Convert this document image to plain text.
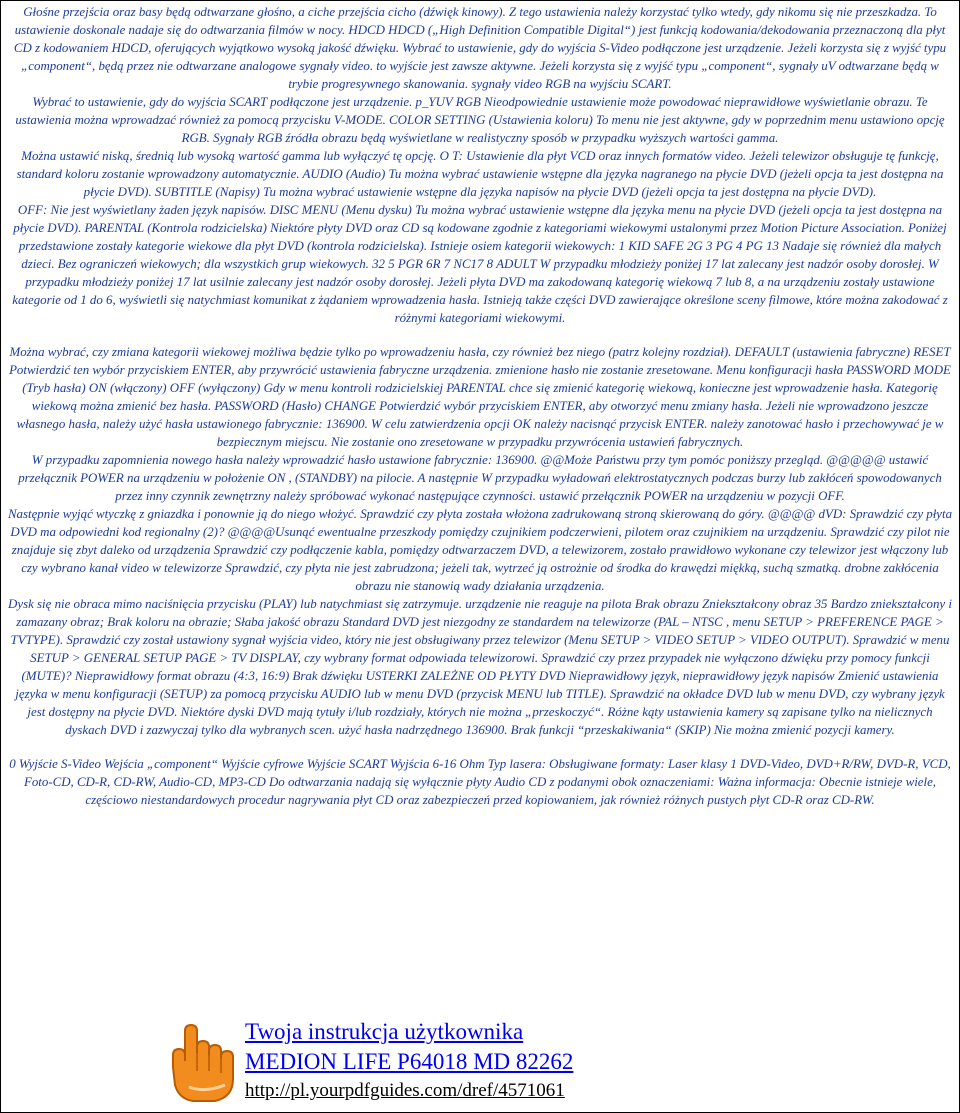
Głośne przejścia oraz basy będą odtwarzane głośno, a ciche przejścia cicho (dźwięk kinowy). Z tego ustawienia należy korzystać tylko wtedy, gdy nikomu się nie przeszkadza. To ustawienie doskonale nadaje się do odtwarzania filmów w nocy. HDCD HDCD („High Definition Compatible Digital“) jest funkcją kodowania/dekodowania przeznaczoną dla płyt CD z kodowaniem HDCD, oferujących wyjątkowo wysoką jakość dźwięku. Wybrać to ustawienie, gdy do wyjścia S-Video podłączone jest urządzenie. Jeżeli korzysta się z wyjść typu „component“, będą przez nie odtwarzane analogowe sygnały video. to wyjście jest zawsze aktywne. Jeżeli korzysta się z wyjść typu „component“, sygnały uV odtwarzane będą w trybie progresywnego skanowania. sygnały video RGB na wyjściu SCART.

Wybrać to ustawienie, gdy do wyjścia SCART podłączone jest urządzenie. p_YUV RGB Nieodpowiednie ustawienie może powodować nieprawidłowe wyświetlanie obrazu. Te ustawienia można wprowadzać również za pomocą przycisku V-MODE. COLOR SETTING (Ustawienia koloru) To menu nie jest aktywne, gdy w poprzednim menu ustawiono opcję RGB. Sygnały RGB źródła obrazu będą wyświetlane w realistyczny sposób w przypadku wyższych wartości gamma.

Można ustawić niską, średnią lub wysoką wartość gamma lub wyłączyć tę opcję. O T: Ustawienie dla płyt VCD oraz innych formatów video. Jeżeli telewizor obsługuje tę funkcję, standard koloru zostanie wprowadzony automatycznie. AUDIO (Audio) Tu można wybrać ustawienie wstępne dla języka nagranego na płycie DVD (jeżeli opcja ta jest dostępna na płycie DVD). SUBTITLE (Napisy) Tu można wybrać ustawienie wstępne dla języka napisów na płycie DVD (jeżeli opcja ta jest dostępna na płycie DVD).

OFF: Nie jest wyświetlany żaden język napisów. DISC MENU (Menu dysku) Tu można wybrać ustawienie wstępne dla języka menu na płycie DVD (jeżeli opcja ta jest dostępna na płycie DVD). PARENTAL (Kontrola rodzicielska) Niektóre płyty DVD oraz CD są kodowane zgodnie z kategoriami wiekowymi ustalonymi przez Motion Picture Association. Poniżej przedstawione zostały kategorie wiekowe dla płyt DVD (kontrola rodzicielska). Istnieje osiem kategorii wiekowych: 1 KID SAFE 2G 3 PG 4 PG 13 Nadaje się również dla małych dzieci. Bez ograniczeń wiekowych; dla wszystkich grup wiekowych. 32 5 PGR 6R 7 NC17 8 ADULT W przypadku młodzieży poniżej 17 lat zalecany jest nadzór osoby dorosłej. W przypadku młodzieży poniżej 17 lat usilnie zalecany jest nadzór osoby dorosłej. Jeżeli płyta DVD ma zakodowaną kategorię wiekową 7 lub 8, a na urządzeniu zostały ustawione kategorie od 1 do 6, wyświetli się natychmiast komunikat z żądaniem wprowadzenia hasła. Istnieją także części DVD zawierające określone sceny filmowe, które można zakodować z różnymi kategoriami wiekowymi.

Można wybrać, czy zmiana kategorii wiekowej możliwa będzie tylko po wprowadzeniu hasła, czy również bez niego (patrz kolejny rozdział). DEFAULT (ustawienia fabryczne) RESET Potwierdzić ten wybór przyciskiem ENTER, aby przywrócić ustawienia fabryczne urządzenia. zmienione hasło nie zostanie zresetowane. Menu konfiguracji hasła PASSWORD MODE (Tryb hasła) ON (włączony) OFF (wyłączony) Gdy w menu kontroli rodzicielskiej PARENTAL chce się zmienić kategorię wiekową, konieczne jest wprowadzenie hasła. Kategorię wiekową można zmienić bez hasła. PASSWORD (Hasło) CHANGE Potwierdzić wybór przyciskiem ENTER, aby otworzyć menu zmiany hasła. Jeżeli nie wprowadzono jeszcze własnego hasła, należy użyć hasła ustawionego fabrycznie: 136900. W celu zatwierdzenia opcji OK należy nacisnąć przycisk ENTER. należy zanotować hasło i przechowywać je w bezpiecznym miejscu. Nie zostanie ono zresetowane w przypadku przywrócenia ustawień fabrycznych.

W przypadku zapomnienia nowego hasła należy wprowadzić hasło ustawione fabrycznie: 136900. @@Może Państwu przy tym pomóc poniższy przegląd. @@@@@ ustawić przełącznik POWER na urządzeniu w położenie ON , (STANDBY) na pilocie. A następnie W przypadku wyładowań elektrostatycznych podczas burzy lub zakłóceń spowodowanych przez inny czynnik zewnętrzny należy spróbować wykonać następujące czynności. ustawić przełącznik POWER na urządzeniu w pozycji OFF.

Następnie wyjąć wtyczkę z gniazdka i ponownie ją do niego włożyć. Sprawdzić czy płyta została włożona zadrukowaną stroną skierowaną do góry. @@@@ dVD: Sprawdzić czy płyta DVD ma odpowiedni kod regionalny (2)? @@@@Usunąć ewentualne przeszkody pomiędzy czujnikiem podczerwieni, pilotem oraz czujnikiem na urządzeniu. Sprawdzić czy pilot nie znajduje się zbyt daleko od urządzenia Sprawdzić czy podłączenie kabla, pomiędzy odtwarzaczem DVD, a telewizorem, zostało prawidłowo wykonane czy telewizor jest włączony lub czy wybrano kanał video w telewizorze Sprawdzić, czy płyta nie jest zabrudzona; jeżeli tak, wytrzeć ją ostrożnie od środka do krawędzi miękką, suchą szmatką. drobne zakłócenia obrazu nie stanowią wady działania urządzenia.

Dysk się nie obraca mimo naciśnięcia przycisku (PLAY) lub natychmiast się zatrzymuje. urządzenie nie reaguje na pilota Brak obrazu Zniekształcony obraz 35 Bardzo zniekształcony i zamazany obraz; Brak koloru na obrazie; Słaba jakość obrazu Standard DVD jest niezgodny ze standardem na telewizorze (PAL – NTSC , menu SETUP > PREFERENCE PAGE > TVTYPE). Sprawdzić czy został ustawiony sygnał wyjścia video, który nie jest obsługiwany przez telewizor (Menu SETUP > VIDEO SETUP > VIDEO OUTPUT). Sprawdzić w menu SETUP > GENERAL SETUP PAGE > TV DISPLAY, czy wybrany format odpowiada telewizorowi. Sprawdzić czy przez przypadek nie wyłączono dźwięku przy pomocy funkcji (MUTE)? Nieprawidłowy format obrazu (4:3, 16:9) Brak dźwięku USTERKI ZALEŻNE OD PŁYTY DVD Nieprawidłowy język, nieprawidłowy język napisów Zmienić ustawienia języka w menu konfiguracji (SETUP) za pomocą przycisku AUDIO lub w menu DVD (przycisk MENU lub TITLE). Sprawdzić na okładce DVD lub w menu DVD, czy wybrany język jest dostępny na płycie DVD. Niektóre dyski DVD mają tytuły i/lub rozdziały, których nie można „przeskoczyć“. Różne kąty ustawienia kamery są zapisane tylko na nielicznych dyskach DVD i zazwyczaj tylko dla wybranych scen. użyć hasła nadrzędnego 136900. Brak funkcji “przeskakiwania“ (SKIP) Nie można zmienić pozycji kamery.

0 Wyjście S-Video Wejścia „component“ Wyjście cyfrowe Wyjście SCART Wyjścia 6-16 Ohm Typ lasera: Obsługiwane formaty: Laser klasy 1 DVD-Video, DVD+R/RW, DVD-R, VCD, Foto-CD, CD-R, CD-RW, Audio-CD, MP3-CD Do odtwarzania nadają się wyłącznie płyty Audio CD z podanymi obok oznaczeniami: Ważna informacja: Obecnie istnieje wiele, częściowo niestandardowych procedur nagrywania płyt CD oraz zabezpieczeń przed kopiowaniem, jak również różnych pustych płyt CD-R oraz CD-RW.

Twoja instrukcja użytkownika
MEDION LIFE P64018 MD 82262
http://pl.yourpdfguides.com/dref/4571061
